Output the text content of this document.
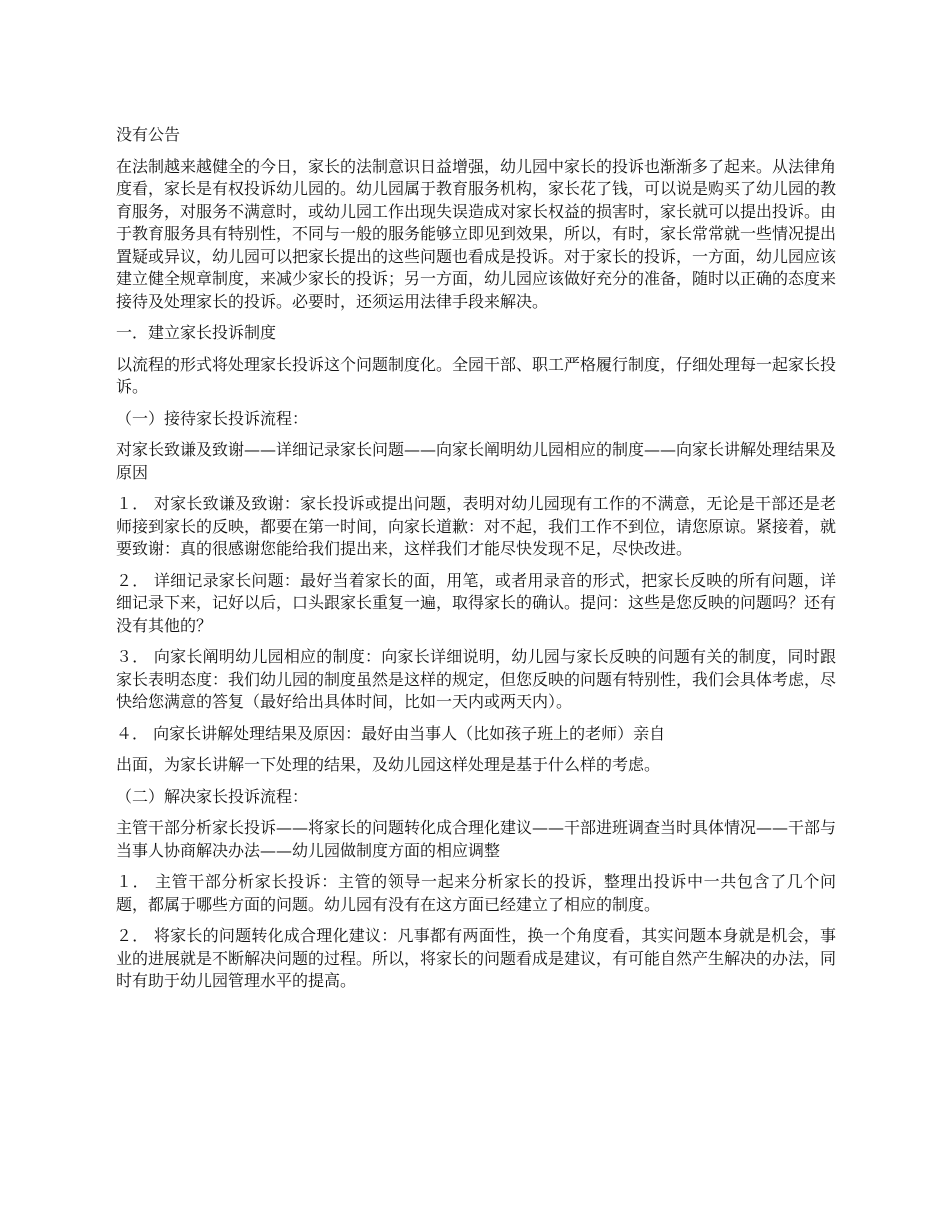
没有公告

在法制越来越健全的今日，家长的法制意识日益增强，幼儿园中家长的投诉也渐渐多了起来。从法律角度看，家长是有权投诉幼儿园的。幼儿园属于教育服务机构，家长花了钱，可以说是购买了幼儿园的教育服务，对服务不满意时，或幼儿园工作出现失误造成对家长权益的损害时，家长就可以提出投诉。由于教育服务具有特别性，不同与一般的服务能够立即见到效果，所以，有时，家长常常就一些情况提出置疑或异议，幼儿园可以把家长提出的这些问题也看成是投诉。对于家长的投诉，一方面，幼儿园应该建立健全规章制度，来减少家长的投诉；另一方面，幼儿园应该做好充分的准备，随时以正确的态度来接待及处理家长的投诉。必要时，还须运用法律手段来解决。

一．建立家长投诉制度

以流程的形式将处理家长投诉这个问题制度化。全园干部、职工严格履行制度，仔细处理每一起家长投诉。

（一）接待家长投诉流程：

对家长致谦及致谢——详细记录家长问题——向家长阐明幼儿园相应的制度——向家长讲解处理结果及原因

１． 对家长致谦及致谢：家长投诉或提出问题，表明对幼儿园现有工作的不满意，无论是干部还是老师接到家长的反映，都要在第一时间，向家长道歉：对不起，我们工作不到位，请您原谅。紧接着，就要致谢：真的很感谢您能给我们提出来，这样我们才能尽快发现不足，尽快改进。

２． 详细记录家长问题：最好当着家长的面，用笔，或者用录音的形式，把家长反映的所有问题，详细记录下来，记好以后，口头跟家长重复一遍，取得家长的确认。提问：这些是您反映的问题吗？还有没有其他的？

３． 向家长阐明幼儿园相应的制度：向家长详细说明，幼儿园与家长反映的问题有关的制度，同时跟家长表明态度：我们幼儿园的制度虽然是这样的规定，但您反映的问题有特别性，我们会具体考虑，尽快给您满意的答复（最好给出具体时间，比如一天内或两天内）。

４． 向家长讲解处理结果及原因：最好由当事人（比如孩子班上的老师）亲自

出面，为家长讲解一下处理的结果，及幼儿园这样处理是基于什么样的考虑。

（二）解决家长投诉流程：

主管干部分析家长投诉——将家长的问题转化成合理化建议——干部进班调查当时具体情况——干部与当事人协商解决办法——幼儿园做制度方面的相应调整

１． 主管干部分析家长投诉：主管的领导一起来分析家长的投诉，整理出投诉中一共包含了几个问题，都属于哪些方面的问题。幼儿园有没有在这方面已经建立了相应的制度。

２． 将家长的问题转化成合理化建议：凡事都有两面性，换一个角度看，其实问题本身就是机会，事业的进展就是不断解决问题的过程。所以，将家长的问题看成是建议，有可能自然产生解决的办法，同时有助于幼儿园管理水平的提高。
